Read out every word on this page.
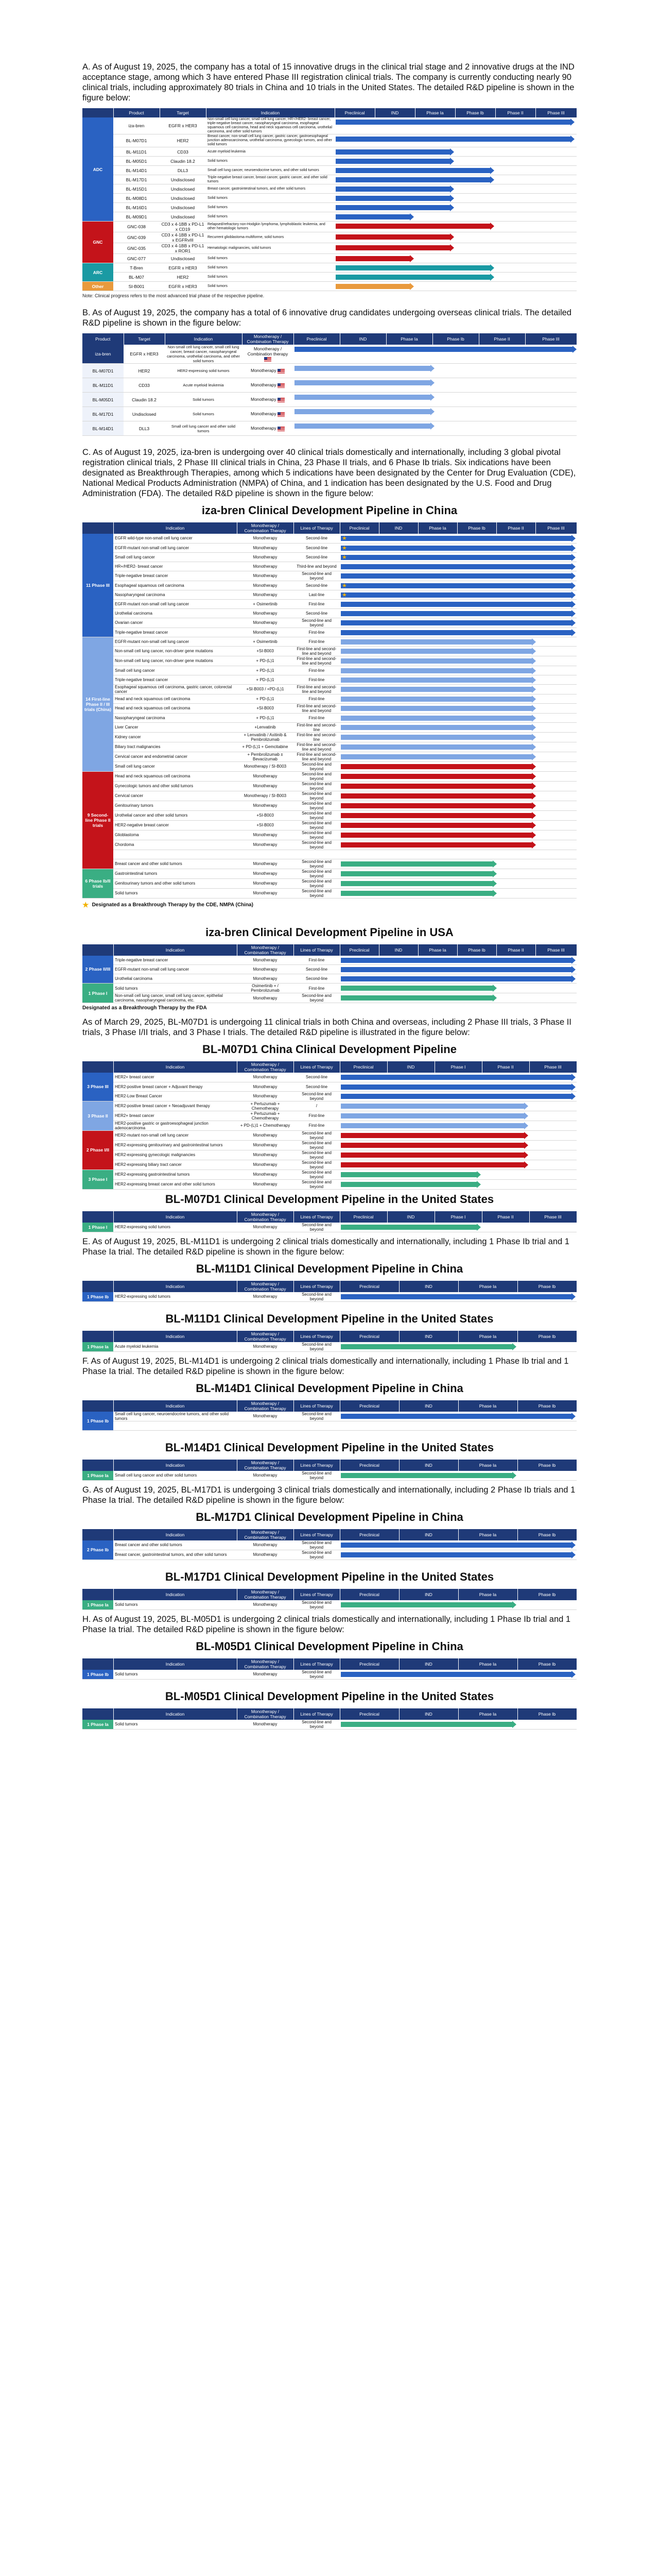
A. As of August 19, 2025, the company has a total of 15 innovative drugs in the clinical trial stage and 2 innovative drugs at the IND acceptance stage, among which 3 have entered Phase III registration clinical trials. The company is currently conducting nearly 90 clinical trials, including approximately 80 trials in China and 10 trials in the United States. The detailed R&D pipeline is shown in the figure below:

	Product	Target	Indication	Preclinical	IND	Phase Ia	Phase Ib	Phase II	Phase III
ADC	iza-bren	EGFR x HER3	Non-small cell lung cancer, small cell lung cancer, HR+/HER2- breast cancer, triple-negative breast cancer, nasopharyngeal carcinoma, esophageal squamous cell carcinoma, head and neck squamous cell carcinoma, urothelial carcinoma, and other solid tumors						

	BL-M07D1	HER2	Breast cancer, non-small cell lung cancer, gastric cancer, gastroesophageal junction adenocarcinoma, urothelial carcinoma, gynecologic tumors, and other solid tumors						

	BL-M11D1	CD33	Acute myeloid leukemia						

	BL-M05D1	Claudin 18.2	Solid tumors						

	BL-M14D1	DLL3	Small cell lung cancer, neuroendocrine tumors, and other solid tumors						

	BL-M17D1	Undisclosed	Triple-negative breast cancer, breast cancer, gastric cancer, and other solid tumors						

	BL-M15D1	Undisclosed	Breast cancer, gastrointestinal tumors, and other solid tumors						

	BL-M08D1	Undisclosed	Solid tumors						

	BL-M16D1	Undisclosed	Solid tumors						

	BL-M09D1	Undisclosed	Solid tumors						

GNC	GNC-038	CD3 x 4-1BB x PD-L1 x CD19	Relapsed/refractory non-Hodgkin lymphoma, lymphoblastic leukemia, and other hematologic tumors						

	GNC-039	CD3 x 4-1BB x PD-L1 x EGFRvIII	Recurrent glioblastoma multiforme, solid tumors						

	GNC-035	CD3 x 4-1BB x PD-L1 x ROR1	Hematologic malignancies, solid tumors						

	GNC-077	Undisclosed	Solid tumors						

ARC	T-Bren	EGFR x HER3	Solid tumors						

	BL-M07	HER2	Solid tumors						

Other	SI-B001	EGFR x HER3	Solid tumors						

Note: Clinical progress refers to the most advanced trial phase of the respective pipeline.

B. As of August 19, 2025, the company has a total of 6 innovative drug candidates undergoing overseas clinical trials. The detailed R&D pipeline is shown in the figure below:

Product	Target	Indication	Monotherapy / Combination Therapy	Preclinical	IND	Phase Ia	Phase Ib	Phase II	Phase III
iza-bren	EGFR x HER3	Non-small cell lung cancer, small cell lung cancer, breast cancer, nasopharyngeal carcinoma, urothelial carcinoma, and other solid tumors	Monotherapy / Combination therapy						

BL-M07D1	HER2	HER2-expressing solid tumors	Monotherapy						

BL-M11D1	CD33	Acute myeloid leukemia	Monotherapy						

BL-M05D1	Claudin 18.2	Solid tumors	Monotherapy						

BL-M17D1	Undisclosed	Solid tumors	Monotherapy						

BL-M14D1	DLL3	Small cell lung cancer and other solid tumors	Monotherapy						

C. As of August 19, 2025, iza-bren is undergoing over 40 clinical trials domestically and internationally, including 3 global pivotal registration clinical trials, 2 Phase III clinical trials in China, 23 Phase II trials, and 6 Phase Ib trials. Six indications have been designated as Breakthrough Therapies, among which 5 indications have been designated by the Center for Drug Evaluation (CDE), National Medical Products Administration (NMPA) of China, and 1 indication has been designated by the U.S. Food and Drug Administration (FDA). The detailed R&D pipeline is shown in the figure below:

iza-bren Clinical Development Pipeline in China
	Indication	Monotherapy / Combination Therapy	Lines of Therapy	Preclinical	IND	Phase Ia	Phase Ib	Phase II	Phase III
11 Phase III	EGFR wild-type non-small cell lung cancer	Monotherapy	Second-line	★					

	EGFR-mutant non-small cell lung cancer	Monotherapy	Second-line	★					

	Small cell lung cancer	Monotherapy	Second-line	★					

	HR+/HER2- breast cancer	Monotherapy	Third-line and beyond						

	Triple-negative breast cancer	Monotherapy	Second-line and beyond						

	Esophageal squamous cell carcinoma	Monotherapy	Second-line	★					

	Nasopharyngeal carcinoma	Monotherapy	Last-line	★					

	EGFR-mutant non-small cell lung cancer	+ Osimertinib	First-line						

	Urothelial carcinoma	Monotherapy	Second-line						

	Ovarian cancer	Monotherapy	Second-line and beyond						

	Triple-negative breast cancer	Monotherapy	First-line						

14 First-line Phase II / III trials (China)	EGFR-mutant non-small cell lung cancer	+ Osimertinib	First-line						

	Non-small cell lung cancer, non-driver gene mutations	+SI-B003	First-line and second-line and beyond						

	Non-small cell lung cancer, non-driver gene mutations	+ PD-(L)1	First-line and second-line and beyond						

	Small cell lung cancer	+ PD-(L)1	First-line						

	Triple-negative breast cancer	+ PD-(L)1	First-line						

	Esophageal squamous cell carcinoma, gastric cancer, colorectal cancer	+SI-B003 / +PD-(L)1	First-line and second-line and beyond						

	Head and neck squamous cell carcinoma	+ PD-(L)1	First-line						

	Head and neck squamous cell carcinoma	+SI-B003	First-line and second-line and beyond						

	Nasopharyngeal carcinoma	+ PD-(L)1	First-line						

	Liver Cancer	+Lenvatinib	First-line and second-line						

	Kidney cancer	+ Lenvatinib / Axitinib & Pembrolizumab	First-line and second-line						

	Biliary tract malignancies	+ PD-(L)1 + Gemcitabine	First-line and second-line and beyond						

	Cervical cancer and endometrial cancer	+ Pembrolizumab ± Bevacizumab	First-line and second-line and beyond						

	Small cell lung cancer	Monotherapy / SI-B003	Second-line and beyond						

9 Second-line Phase II trials	Head and neck squamous cell carcinoma	Monotherapy	Second-line and beyond						

	Gynecologic tumors and other solid tumors	Monotherapy	Second-line and beyond						

	Cervical cancer	Monotherapy / SI-B003	Second-line and beyond						

	Genitourinary tumors	Monotherapy	Second-line and beyond						

	Urothelial cancer and other solid tumors	+SI-B003	Second-line and beyond						

	HER2-negative breast cancer	+SI-B003	Second-line and beyond						

	Glioblastoma	Monotherapy	Second-line and beyond						

	Chordoma	Monotherapy	Second-line and beyond						

	Breast cancer and other solid tumors	Monotherapy	Second-line and beyond						

6 Phase Ib/II trials	Gastrointestinal tumors	Monotherapy	Second-line and beyond						

	Genitourinary tumors and other solid tumors	Monotherapy	Second-line and beyond						

	Solid tumors	Monotherapy	Second-line and beyond						
★ Designated as a Breakthrough Therapy by the CDE, NMPA (China)
iza-bren Clinical Development Pipeline in USA
	Indication	Monotherapy / Combination Therapy	Lines of Therapy	Preclinical	IND	Phase Ia	Phase Ib	Phase II	Phase III
2 Phase II/III	Triple-negative breast cancer	Monotherapy	First-line						

	EGFR-mutant non-small cell lung cancer	Monotherapy	Second-line						

	Urothelial carcinoma	Monotherapy	Second-line						

1 Phase I	Solid tumors	Osimertinib + / Pembrolizumab	First-line						

	Non-small cell lung cancer, small cell lung cancer, epithelial carcinoma, nasopharyngeal carcinoma, etc.	Monotherapy	Second-line and beyond						
Designated as a Breakthrough Therapy by the FDA

As of March 29, 2025, BL-M07D1 is undergoing 11 clinical trials in both China and overseas, including 2 Phase III trials, 3 Phase II trials, 3 Phase I/II trials, and 3 Phase I trials. The detailed R&D pipeline is illustrated in the figure below:

BL-M07D1 China Clinical Development Pipeline
	Indication	Monotherapy / Combination Therapy	Lines of Therapy	Preclinical	IND	Phase I	Phase II	Phase III
3 Phase III	HER2+ breast cancer	Monotherapy	Second-line					

	HER2-positive breast cancer + Adjuvant therapy	Monotherapy	Second-line					

	HER2-Low Breast Cancer	Monotherapy	Second-line and beyond					

3 Phase II	HER2-positive breast cancer + Neoadjuvant therapy	+ Pertuzumab + Chemotherapy	/					

	HER2+ breast cancer	+ Pertuzumab + Chemotherapy	First-line					

	HER2-positive gastric or gastroesophageal junction adenocarcinoma	+ PD-(L)1 + Chemotherapy	First-line					

2 Phase I/II	HER2-mutant non-small cell lung cancer	Monotherapy	Second-line and beyond					

	HER2-expressing genitourinary and gastrointestinal tumors	Monotherapy	Second-line and beyond					

	HER2-expressing gynecologic malignancies	Monotherapy	Second-line and beyond					

	HER2-expressing biliary tract cancer	Monotherapy	Second-line and beyond					

3 Phase I	HER2-expressing gastrointestinal tumors	Monotherapy	Second-line and beyond					

	HER2-expressing breast cancer and other solid tumors	Monotherapy	Second-line and beyond					
BL-M07D1 Clinical Development Pipeline in the United States
	Indication	Monotherapy / Combination Therapy	Lines of Therapy	Preclinical	IND	Phase I	Phase II	Phase III
1 Phase I	HER2-expressing solid tumors	Monotherapy	Second-line and beyond					

E. As of August 19, 2025, BL-M11D1 is undergoing 2 clinical trials domestically and internationally, including 1 Phase Ib trial and 1 Phase Ia trial. The detailed R&D pipeline is shown in the figure below:

BL-M11D1 Clinical Development Pipeline in China
	Indication	Monotherapy / Combination Therapy	Lines of Therapy	Preclinical	IND	Phase Ia	Phase Ib
1 Phase Ib	HER2-expressing solid tumors	Monotherapy	Second-line and beyond				
BL-M11D1 Clinical Development Pipeline in the United States
	Indication	Monotherapy / Combination Therapy	Lines of Therapy	Preclinical	IND	Phase Ia	Phase Ib
1 Phase Ia	Acute myeloid leukemia	Monotherapy	Second-line and beyond				

F. As of August 19, 2025, BL-M14D1 is undergoing 2 clinical trials domestically and internationally, including 1 Phase Ib trial and 1 Phase Ia trial. The detailed R&D pipeline is shown in the figure below:

BL-M14D1 Clinical Development Pipeline in China
	Indication	Monotherapy / Combination Therapy	Lines of Therapy	Preclinical	IND	Phase Ia	Phase Ib
1 Phase Ib	Small cell lung cancer, neuroendocrine tumors, and other solid tumors	Monotherapy	Second-line and beyond				

BL-M14D1 Clinical Development Pipeline in the United States
	Indication	Monotherapy / Combination Therapy	Lines of Therapy	Preclinical	IND	Phase Ia	Phase Ib
1 Phase Ia	Small cell lung cancer and other solid tumors	Monotherapy	Second-line and beyond				

G. As of August 19, 2025, BL-M17D1 is undergoing 3 clinical trials domestically and internationally, including 2 Phase Ib trials and 1 Phase Ia trial. The detailed R&D pipeline is shown in the figure below:

BL-M17D1 Clinical Development Pipeline in China
	Indication	Monotherapy / Combination Therapy	Lines of Therapy	Preclinical	IND	Phase Ia	Phase Ib
2 Phase Ib	Breast cancer and other solid tumors	Monotherapy	Second-line and beyond				

	Breast cancer, gastrointestinal tumors, and other solid tumors	Monotherapy	Second-line and beyond				
BL-M17D1 Clinical Development Pipeline in the United States
	Indication	Monotherapy / Combination Therapy	Lines of Therapy	Preclinical	IND	Phase Ia	Phase Ib
1 Phase Ia	Solid tumors	Monotherapy	Second-line and beyond				

H. As of August 19, 2025, BL-M05D1 is undergoing 2 clinical trials domestically and internationally, including 1 Phase Ib trial and 1 Phase Ia trial. The detailed R&D pipeline is shown in the figure below:

BL-M05D1 Clinical Development Pipeline in China
	Indication	Monotherapy / Combination Therapy	Lines of Therapy	Preclinical	IND	Phase Ia	Phase Ib
1 Phase Ib	Solid tumors	Monotherapy	Second-line and beyond				
BL-M05D1 Clinical Development Pipeline in the United States
	Indication	Monotherapy / Combination Therapy	Lines of Therapy	Preclinical	IND	Phase Ia	Phase Ib
1 Phase Ia	Solid tumors	Monotherapy	Second-line and beyond				
